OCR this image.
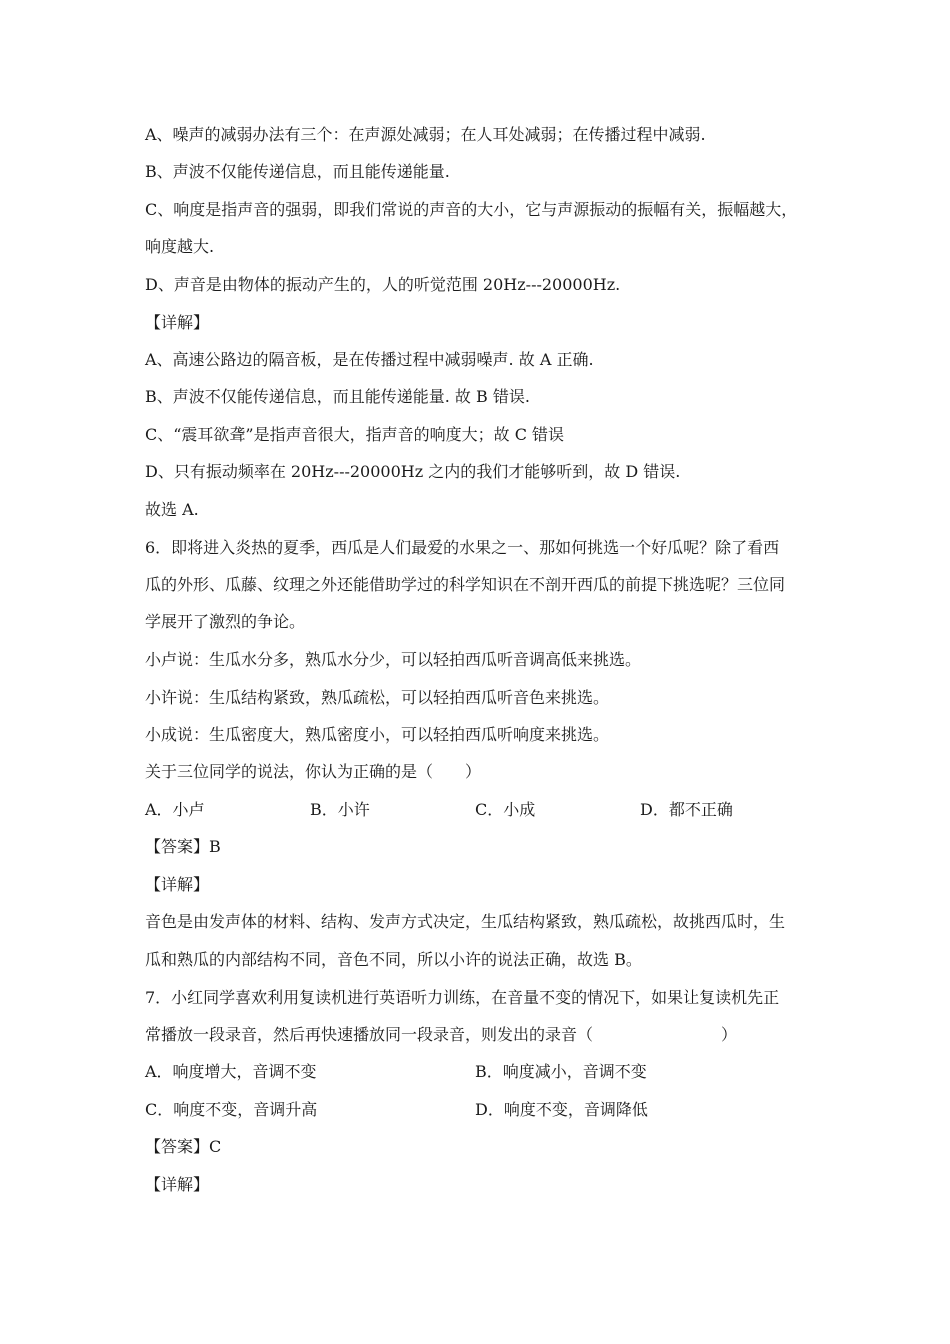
A、噪声的减弱办法有三个：在声源处减弱；在人耳处减弱；在传播过程中减弱.
B、声波不仅能传递信息，而且能传递能量.
C、响度是指声音的强弱，即我们常说的声音的大小，它与声源振动的振幅有关，振幅越大，
响度越大.
D、声音是由物体的振动产生的，人的听觉范围 20Hz---20000Hz.
【详解】
A、高速公路边的隔音板，是在传播过程中减弱噪声. 故 A 正确.
B、声波不仅能传递信息，而且能传递能量. 故 B 错误.
C、“震耳欲聋”是指声音很大，指声音的响度大；故 C 错误
D、只有振动频率在 20Hz---20000Hz 之内的我们才能够听到，故 D 错误.
故选 A.
6．即将进入炎热的夏季，西瓜是人们最爱的水果之一、那如何挑选一个好瓜呢？除了看西
瓜的外形、瓜藤、纹理之外还能借助学过的科学知识在不剖开西瓜的前提下挑选呢？三位同
学展开了激烈的争论。
小卢说：生瓜水分多，熟瓜水分少，可以轻拍西瓜听音调高低来挑选。
小许说：生瓜结构紧致，熟瓜疏松，可以轻拍西瓜听音色来挑选。
小成说：生瓜密度大，熟瓜密度小，可以轻拍西瓜听响度来挑选。
关于三位同学的说法，你认为正确的是（　　）
A．小卢	B．小许	C．小成	D．都不正确
【答案】B
【详解】
音色是由发声体的材料、结构、发声方式决定，生瓜结构紧致，熟瓜疏松，故挑西瓜时，生
瓜和熟瓜的内部结构不同，音色不同，所以小许的说法正确，故选 B。
7．小红同学喜欢利用复读机进行英语听力训练，在音量不变的情况下，如果让复读机先正
常播放一段录音，然后再快速播放同一段录音，则发出的录音（　　　　　　　　）
A．响度增大，音调不变	B．响度减小，音调不变
C．响度不变，音调升高	D．响度不变，音调降低
【答案】C
【详解】
